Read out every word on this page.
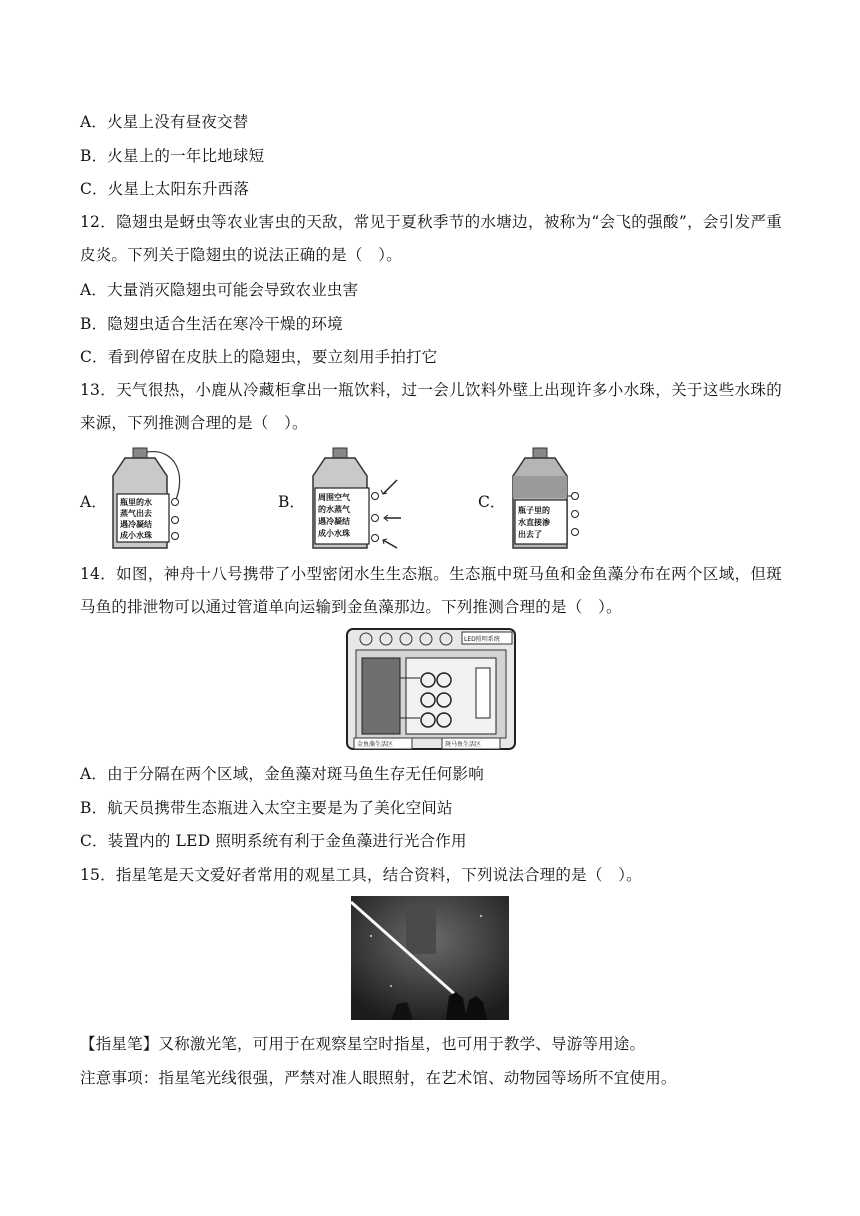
A．火星上没有昼夜交替
B．火星上的一年比地球短
C．火星上太阳东升西落
12．隐翅虫是蚜虫等农业害虫的天敌，常见于夏秋季节的水塘边，被称为“会飞的强酸”，会引发严重皮炎。下列关于隐翅虫的说法正确的是（　）。
A．大量消灭隐翅虫可能会导致农业虫害
B．隐翅虫适合生活在寒冷干燥的环境
C．看到停留在皮肤上的隐翅虫，要立刻用手拍打它
13．天气很热，小鹿从冷藏柜拿出一瓶饮料，过一会儿饮料外壁上出现许多小水珠，关于这些水珠的来源，下列推测合理的是（　）。
A．	B．	C．
瓶里的水
蒸气出去
遇冷凝结
成小水珠
周围空气
的水蒸气
遇冷凝结
成小水珠
瓶子里的
水直接渗
出去了
14．如图，神舟十八号携带了小型密闭水生生态瓶。生态瓶中斑马鱼和金鱼藻分布在两个区域，但斑马鱼的排泄物可以通过管道单向运输到金鱼藻那边。下列推测合理的是（　）。
LED照明系统
金鱼藻生活区	斑马鱼生活区
A．由于分隔在两个区域，金鱼藻对斑马鱼生存无任何影响
B．航天员携带生态瓶进入太空主要是为了美化空间站
C．装置内的 LED 照明系统有利于金鱼藻进行光合作用
15．指星笔是天文爱好者常用的观星工具，结合资料，下列说法合理的是（　）。
【指星笔】又称激光笔，可用于在观察星空时指星，也可用于教学、导游等用途。
注意事项：指星笔光线很强，严禁对准人眼照射，在艺术馆、动物园等场所不宜使用。
